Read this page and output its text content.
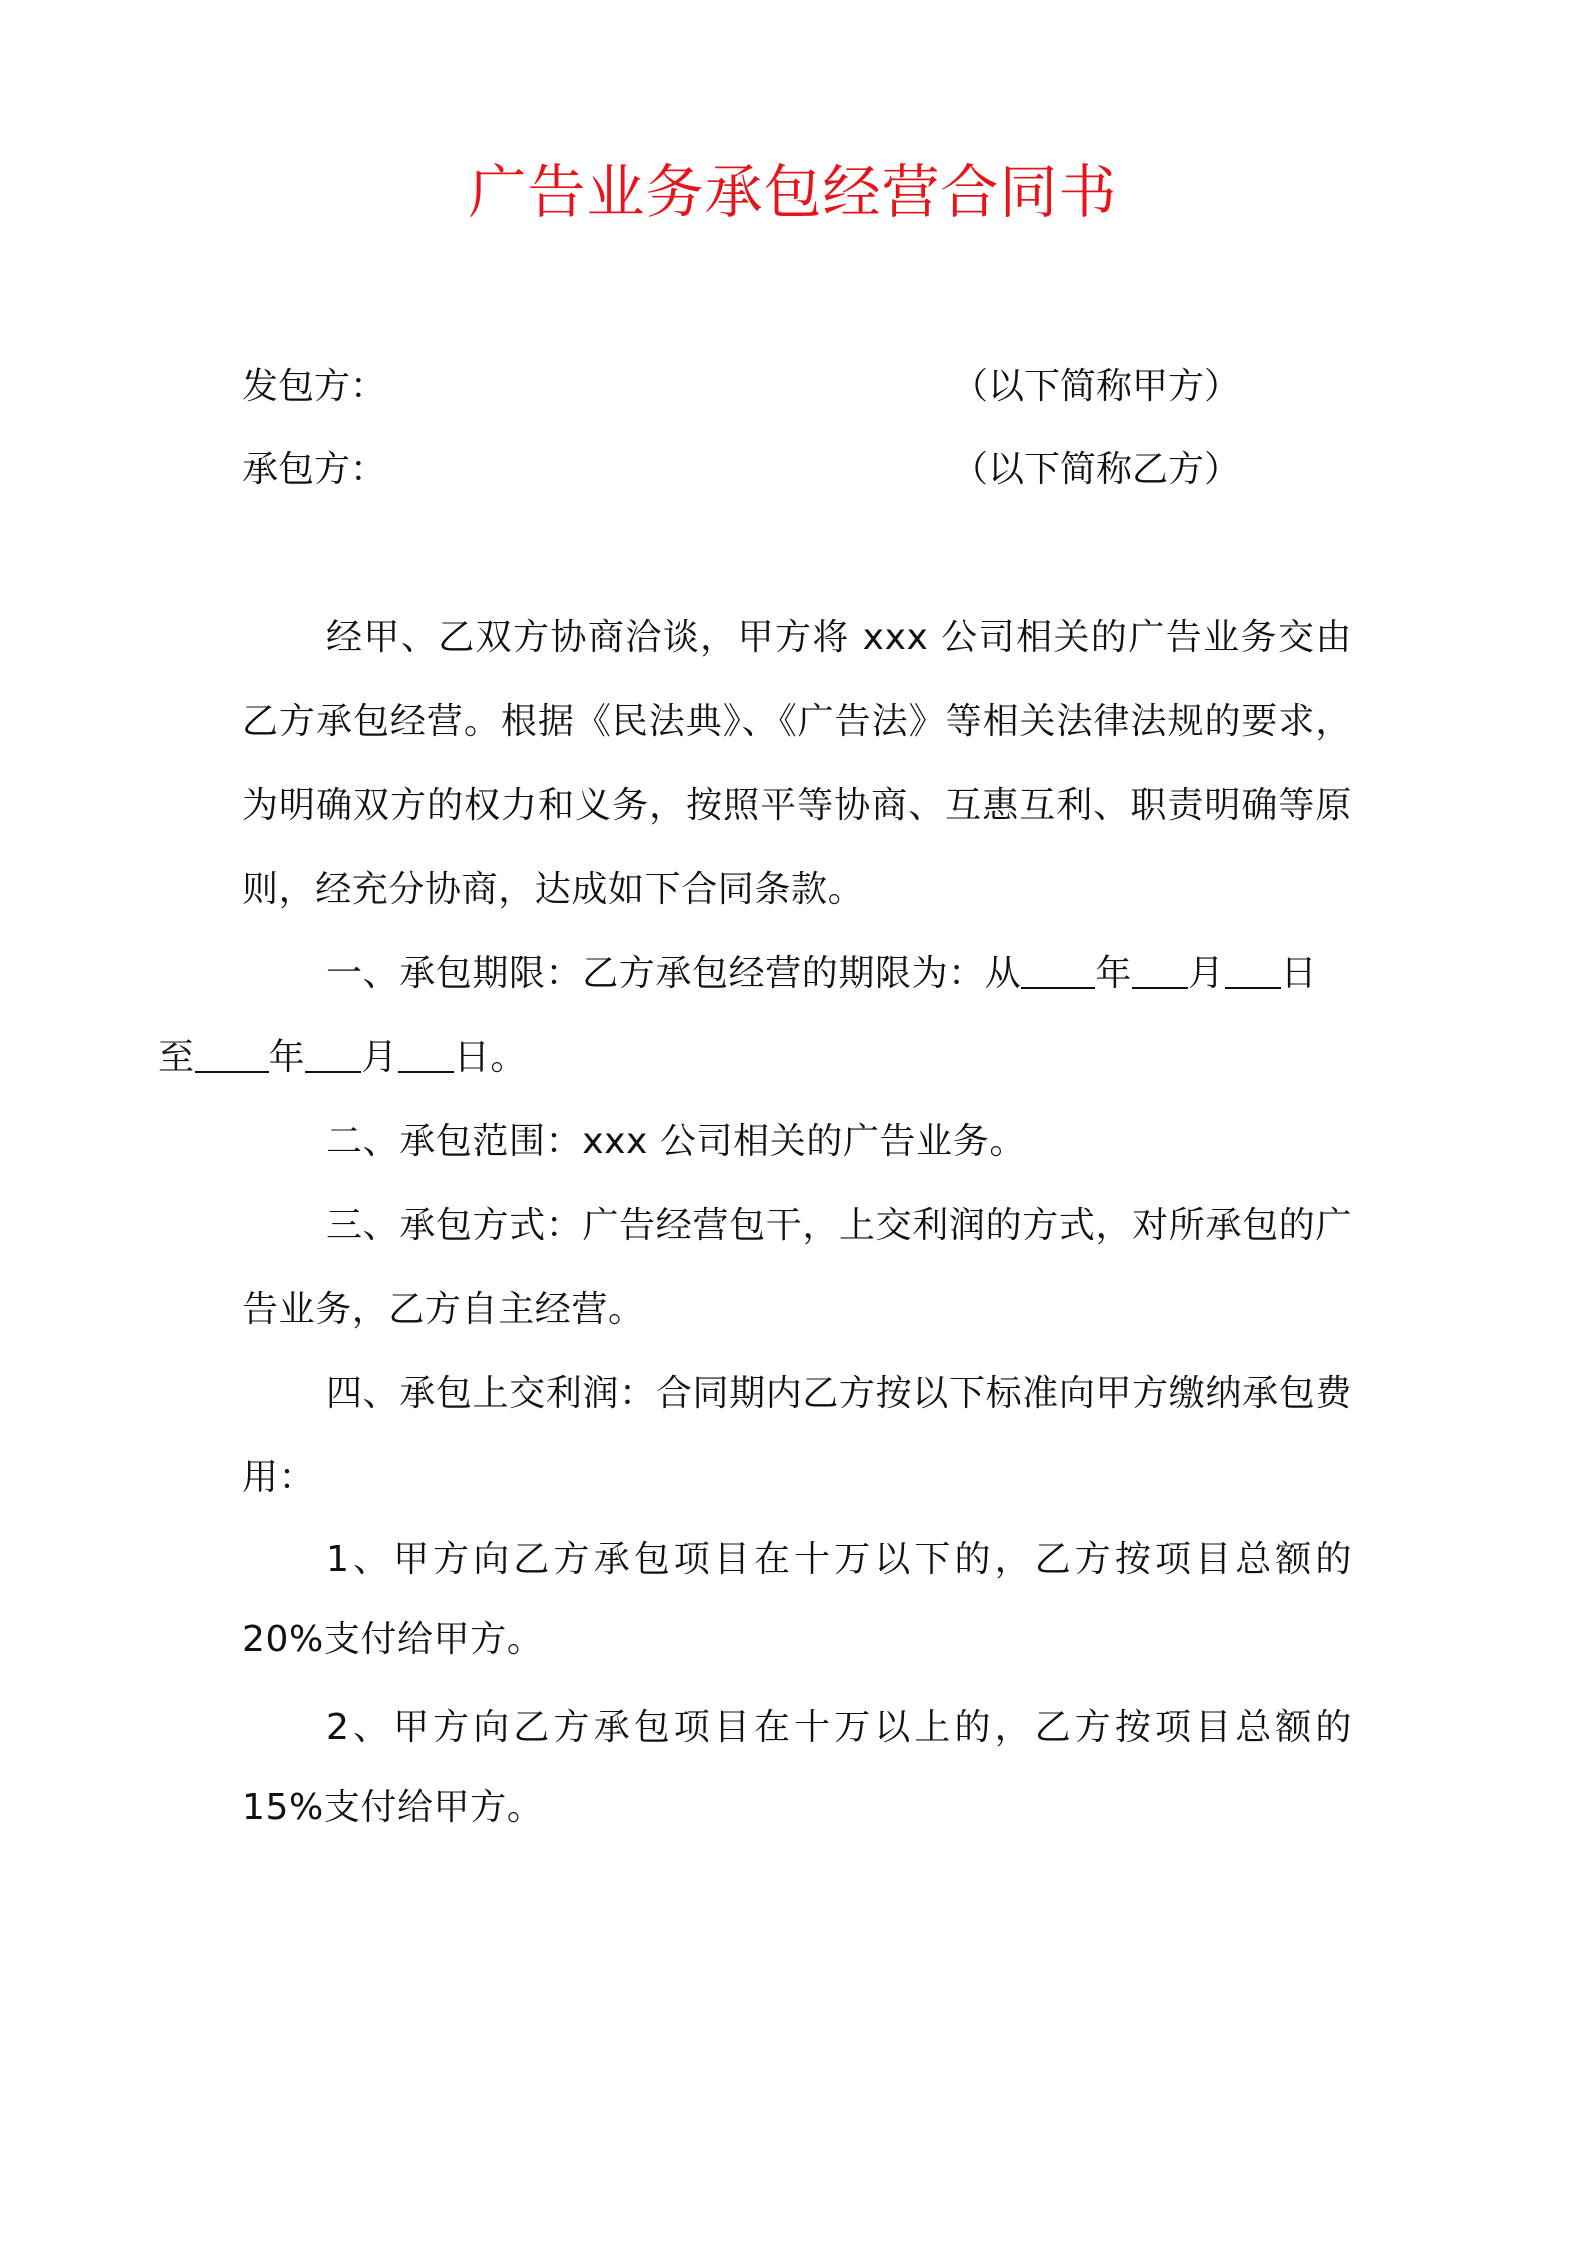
广告业务承包经营合同书
发包方：	（以下简称甲方）
承包方：	（以下简称乙方）

经甲、乙双方协商洽谈，甲方将 xxx 公司相关的广告业务交由乙方承包经营。根据《民法典》、《广告法》等相关法律法规的要求，为明确双方的权力和义务，按照平等协商、互惠互利、职责明确等原则，经充分协商，达成如下合同条款。

一、承包期限：乙方承包经营的期限为：从 年 月 日
至 年 月 日。

二、承包范围：xxx 公司相关的广告业务。

三、承包方式：广告经营包干，上交利润的方式，对所承包的广告业务，乙方自主经营。

四、承包上交利润：合同期内乙方按以下标准向甲方缴纳承包费用：

1、甲方向乙方承包项目在十万以下的，乙方按项目总额的 20%支付给甲方。

2、甲方向乙方承包项目在十万以上的，乙方按项目总额的 15%支付给甲方。
